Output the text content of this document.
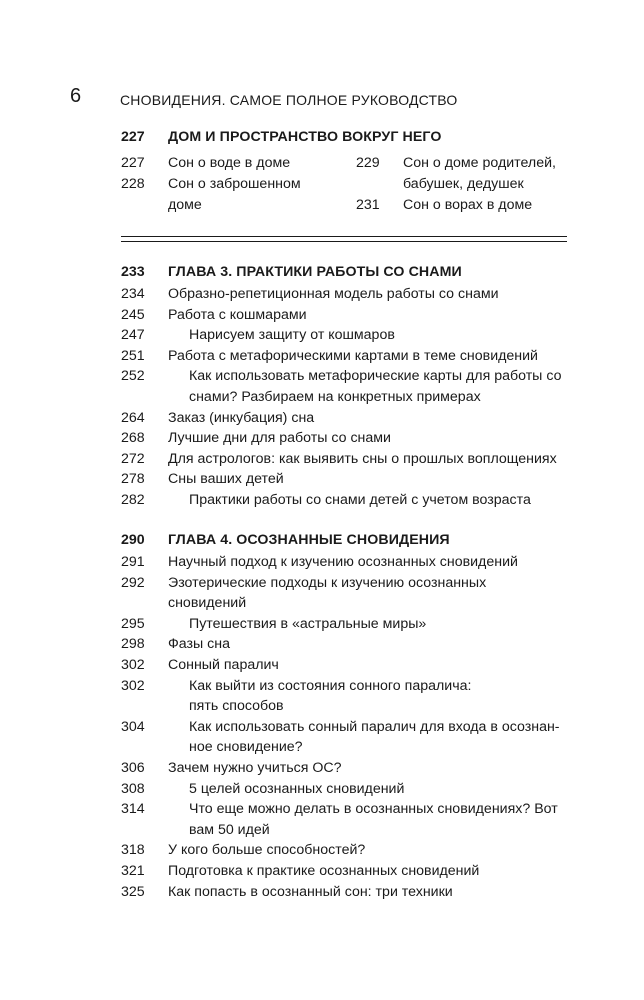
6	СНОВИДЕНИЯ. САМОЕ ПОЛНОЕ РУКОВОДСТВО
227	ДОМ И ПРОСТРАНСТВО ВОКРУГ НЕГО
227	Сон о воде в доме
228	Сон о заброшенном
доме
229	Сон о доме родителей,
бабушек, дедушек
231	Сон о ворах в доме
233	ГЛАВА 3. ПРАКТИКИ РАБОТЫ СО СНАМИ
234	Образно-репетиционная модель работы со снами
245	Работа с кошмарами
247	Нарисуем защиту от кошмаров
251	Работа с метафорическими картами в теме сновидений
252	Как использовать метафорические карты для работы со
снами? Разбираем на конкретных примерах
264	Заказ (инкубация) сна
268	Лучшие дни для работы со снами
272	Для астрологов: как выявить сны о прошлых воплощениях
278	Сны ваших детей
282	Практики работы со снами детей с учетом возраста
290	ГЛАВА 4. ОСОЗНАННЫЕ СНОВИДЕНИЯ
291	Научный подход к изучению осознанных сновидений
292	Эзотерические подходы к изучению осознанных
сновидений
295	Путешествия в «астральные миры»
298	Фазы сна
302	Сонный паралич
302	Как выйти из состояния сонного паралича:
пять способов
304	Как использовать сонный паралич для входа в осознан-
ное сновидение?
306	Зачем нужно учиться ОС?
308	5 целей осознанных сновидений
314	Что еще можно делать в осознанных сновидениях? Вот
вам 50 идей
318	У кого больше способностей?
321	Подготовка к практике осознанных сновидений
325	Как попасть в осознанный сон: три техники
